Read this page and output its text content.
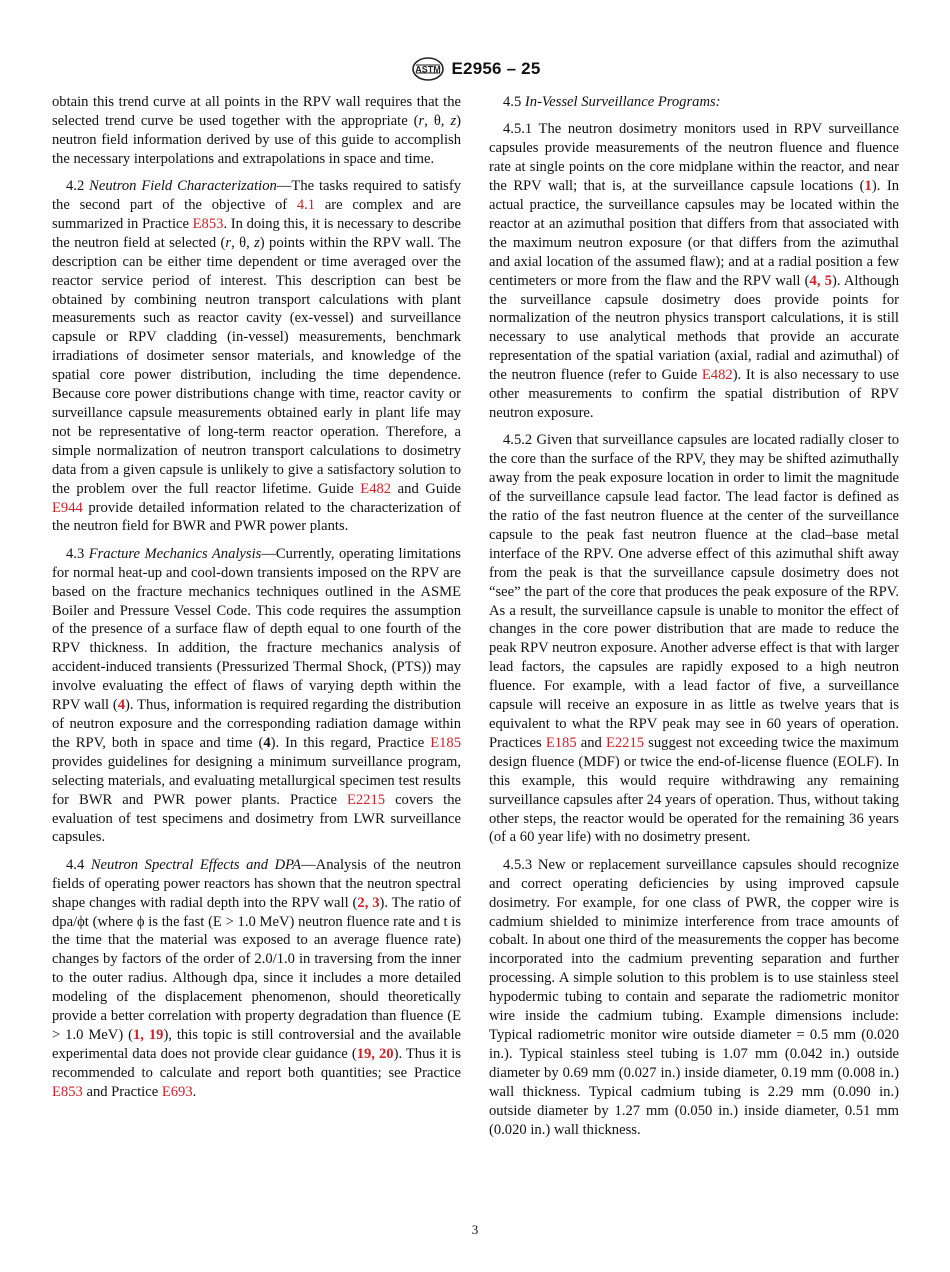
ASTM E2956 – 25

obtain this trend curve at all points in the RPV wall requires that the selected trend curve be used together with the appropriate (r, θ, z) neutron field information derived by use of this guide to accomplish the necessary interpolations and extrapolations in space and time.

4.2 Neutron Field Characterization—The tasks required to satisfy the second part of the objective of 4.1 are complex and are summarized in Practice E853. In doing this, it is necessary to describe the neutron field at selected (r, θ, z) points within the RPV wall. The description can be either time dependent or time averaged over the reactor service period of interest. This description can best be obtained by combining neutron transport calculations with plant measurements such as reactor cavity (ex-vessel) and surveillance capsule or RPV cladding (in-vessel) measurements, benchmark irradiations of dosimeter sensor materials, and knowledge of the spatial core power distribution, including the time dependence. Because core power distributions change with time, reactor cavity or surveillance capsule measurements obtained early in plant life may not be representative of long-term reactor operation. Therefore, a simple normalization of neutron transport calculations to dosimetry data from a given capsule is unlikely to give a satisfactory solution to the problem over the full reactor lifetime. Guide E482 and Guide E944 provide detailed information related to the characterization of the neutron field for BWR and PWR power plants.

4.3 Fracture Mechanics Analysis—Currently, operating limitations for normal heat-up and cool-down transients imposed on the RPV are based on the fracture mechanics techniques outlined in the ASME Boiler and Pressure Vessel Code. This code requires the assumption of the presence of a surface flaw of depth equal to one fourth of the RPV thickness. In addition, the fracture mechanics analysis of accident-induced transients (Pressurized Thermal Shock, (PTS)) may involve evaluating the effect of flaws of varying depth within the RPV wall (4). Thus, information is required regarding the distribution of neutron exposure and the corresponding radiation damage within the RPV, both in space and time (4). In this regard, Practice E185 provides guidelines for designing a minimum surveillance program, selecting materials, and evaluating metallurgical specimen test results for BWR and PWR power plants. Practice E2215 covers the evaluation of test specimens and dosimetry from LWR surveillance capsules.

4.4 Neutron Spectral Effects and DPA—Analysis of the neutron fields of operating power reactors has shown that the neutron spectral shape changes with radial depth into the RPV wall (2, 3). The ratio of dpa/ϕt (where ϕ is the fast (E > 1.0 MeV) neutron fluence rate and t is the time that the material was exposed to an average fluence rate) changes by factors of the order of 2.0/1.0 in traversing from the inner to the outer radius. Although dpa, since it includes a more detailed modeling of the displacement phenomenon, should theoretically provide a better correlation with property degradation than fluence (E > 1.0 MeV) (1, 19), this topic is still controversial and the available experimental data does not provide clear guidance (19, 20). Thus it is recommended to calculate and report both quantities; see Practice E853 and Practice E693.

4.5 In-Vessel Surveillance Programs:

4.5.1 The neutron dosimetry monitors used in RPV surveillance capsules provide measurements of the neutron fluence and fluence rate at single points on the core midplane within the reactor, and near the RPV wall; that is, at the surveillance capsule locations (1). In actual practice, the surveillance capsules may be located within the reactor at an azimuthal position that differs from that associated with the maximum neutron exposure (or that differs from the azimuthal and axial location of the assumed flaw); and at a radial position a few centimeters or more from the flaw and the RPV wall (4, 5). Although the surveillance capsule dosimetry does provide points for normalization of the neutron physics transport calculations, it is still necessary to use analytical methods that provide an accurate representation of the spatial variation (axial, radial and azimuthal) of the neutron fluence (refer to Guide E482). It is also necessary to use other measurements to confirm the spatial distribution of RPV neutron exposure.

4.5.2 Given that surveillance capsules are located radially closer to the core than the surface of the RPV, they may be shifted azimuthally away from the peak exposure location in order to limit the magnitude of the surveillance capsule lead factor. The lead factor is defined as the ratio of the fast neutron fluence at the center of the surveillance capsule to the peak fast neutron fluence at the clad–base metal interface of the RPV. One adverse effect of this azimuthal shift away from the peak is that the surveillance capsule dosimetry does not “see” the part of the core that produces the peak exposure of the RPV. As a result, the surveillance capsule is unable to monitor the effect of changes in the core power distribution that are made to reduce the peak RPV neutron exposure. Another adverse effect is that with larger lead factors, the capsules are rapidly exposed to a high neutron fluence. For example, with a lead factor of five, a surveillance capsule will receive an exposure in as little as twelve years that is equivalent to what the RPV peak may see in 60 years of operation. Practices E185 and E2215 suggest not exceeding twice the maximum design fluence (MDF) or twice the end-of-license fluence (EOLF). In this example, this would require withdrawing any remaining surveillance capsules after 24 years of operation. Thus, without taking other steps, the reactor would be operated for the remaining 36 years (of a 60 year life) with no dosimetry present.

4.5.3 New or replacement surveillance capsules should recognize and correct operating deficiencies by using improved capsule dosimetry. For example, for one class of PWR, the copper wire is cadmium shielded to minimize interference from trace amounts of cobalt. In about one third of the measurements the copper has become incorporated into the cadmium preventing separation and further processing. A simple solution to this problem is to use stainless steel hypodermic tubing to contain and separate the radiometric monitor wire inside the cadmium tubing. Example dimensions include: Typical radiometric monitor wire outside diameter = 0.5 mm (0.020 in.). Typical stainless steel tubing is 1.07 mm (0.042 in.) outside diameter by 0.69 mm (0.027 in.) inside diameter, 0.19 mm (0.008 in.) wall thickness. Typical cadmium tubing is 2.29 mm (0.090 in.) outside diameter by 1.27 mm (0.050 in.) inside diameter, 0.51 mm (0.020 in.) wall thickness.

3
